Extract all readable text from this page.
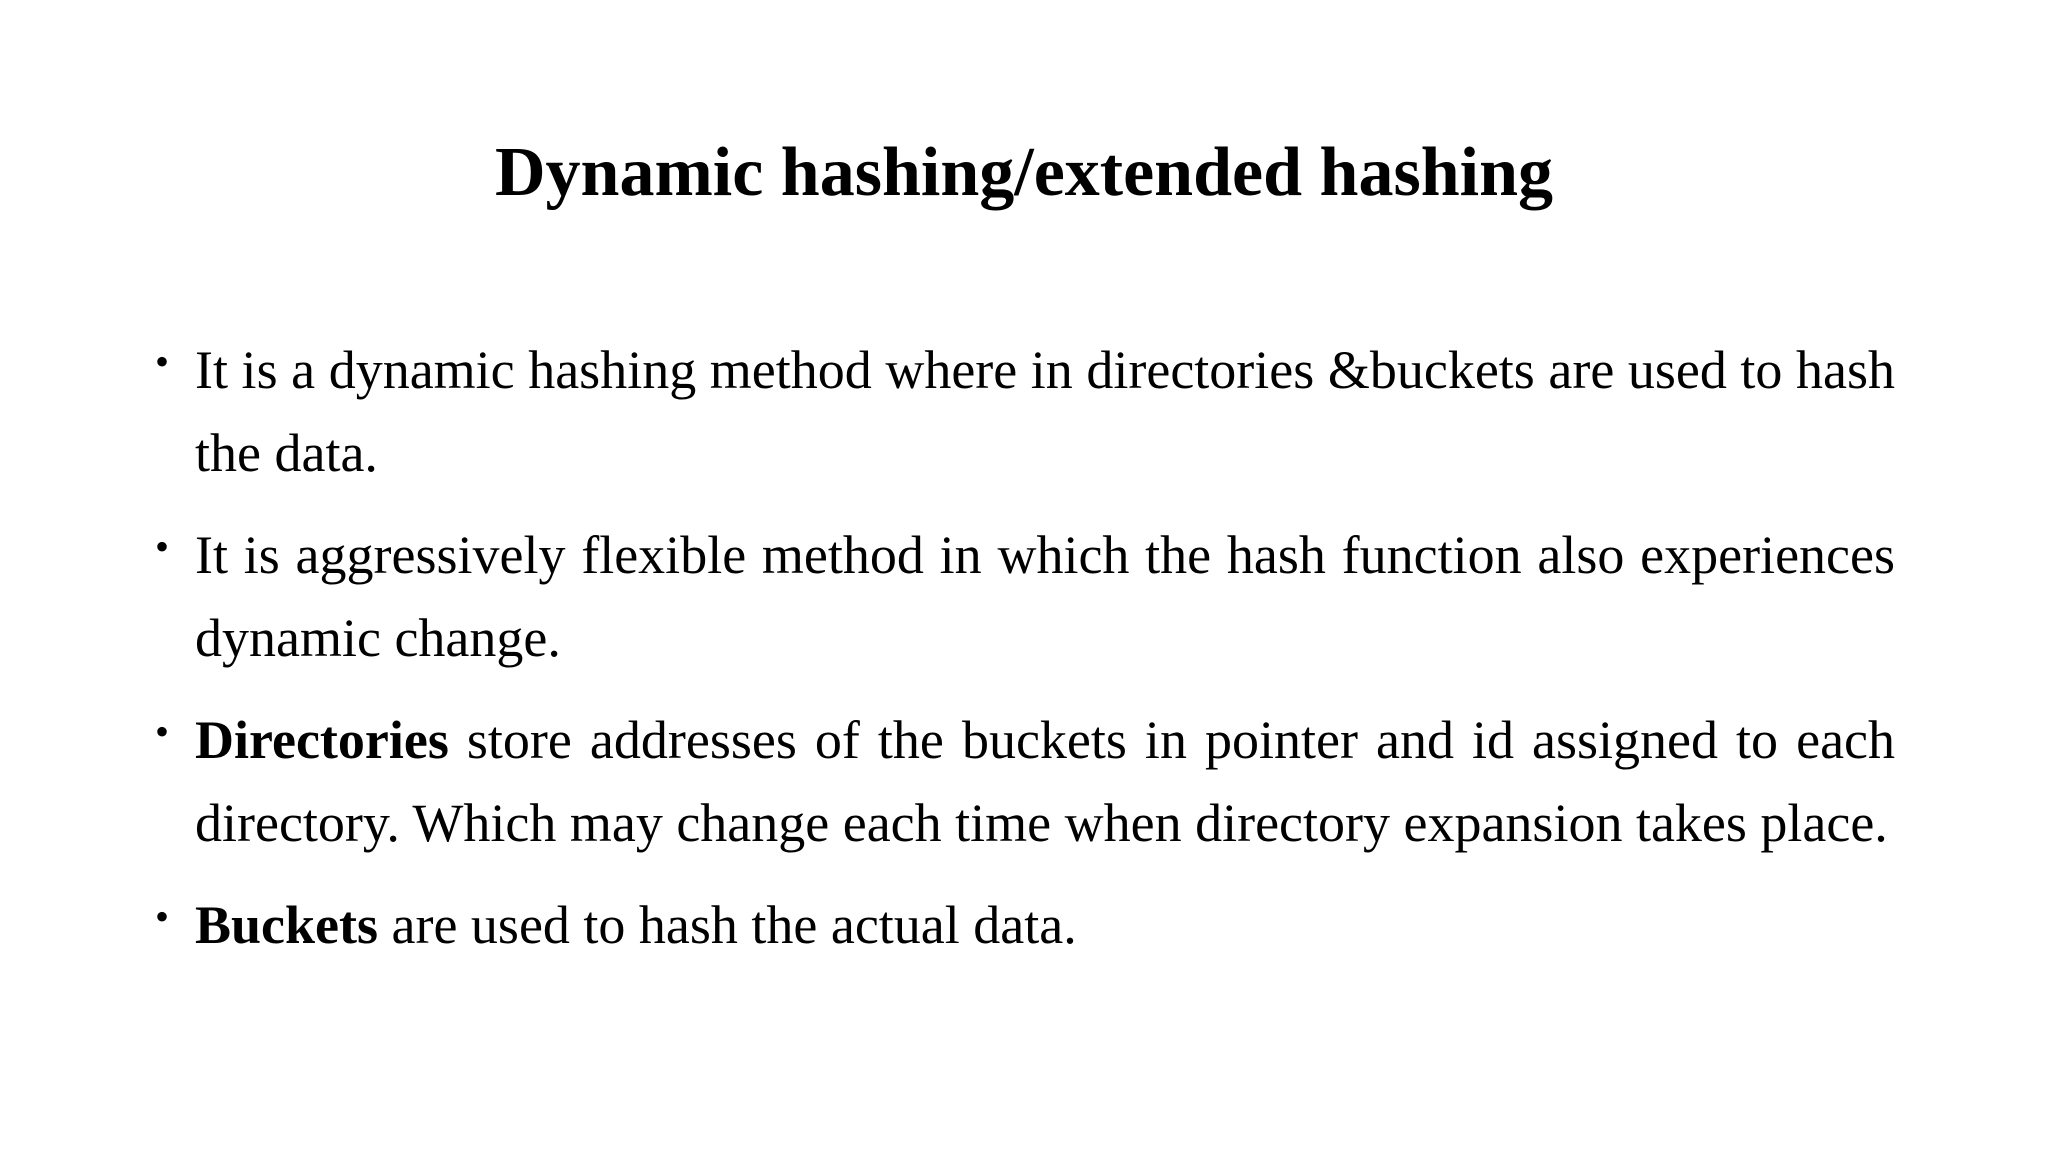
Dynamic hashing/extended hashing
• It is a dynamic hashing method where in directories &buckets are used to hash the data.
• It is aggressively flexible method in which the hash function also experiences dynamic change.
• Directories store addresses of the buckets in pointer and id assigned to each directory. Which may change each time when directory expansion takes place.
• Buckets are used to hash the actual data.
